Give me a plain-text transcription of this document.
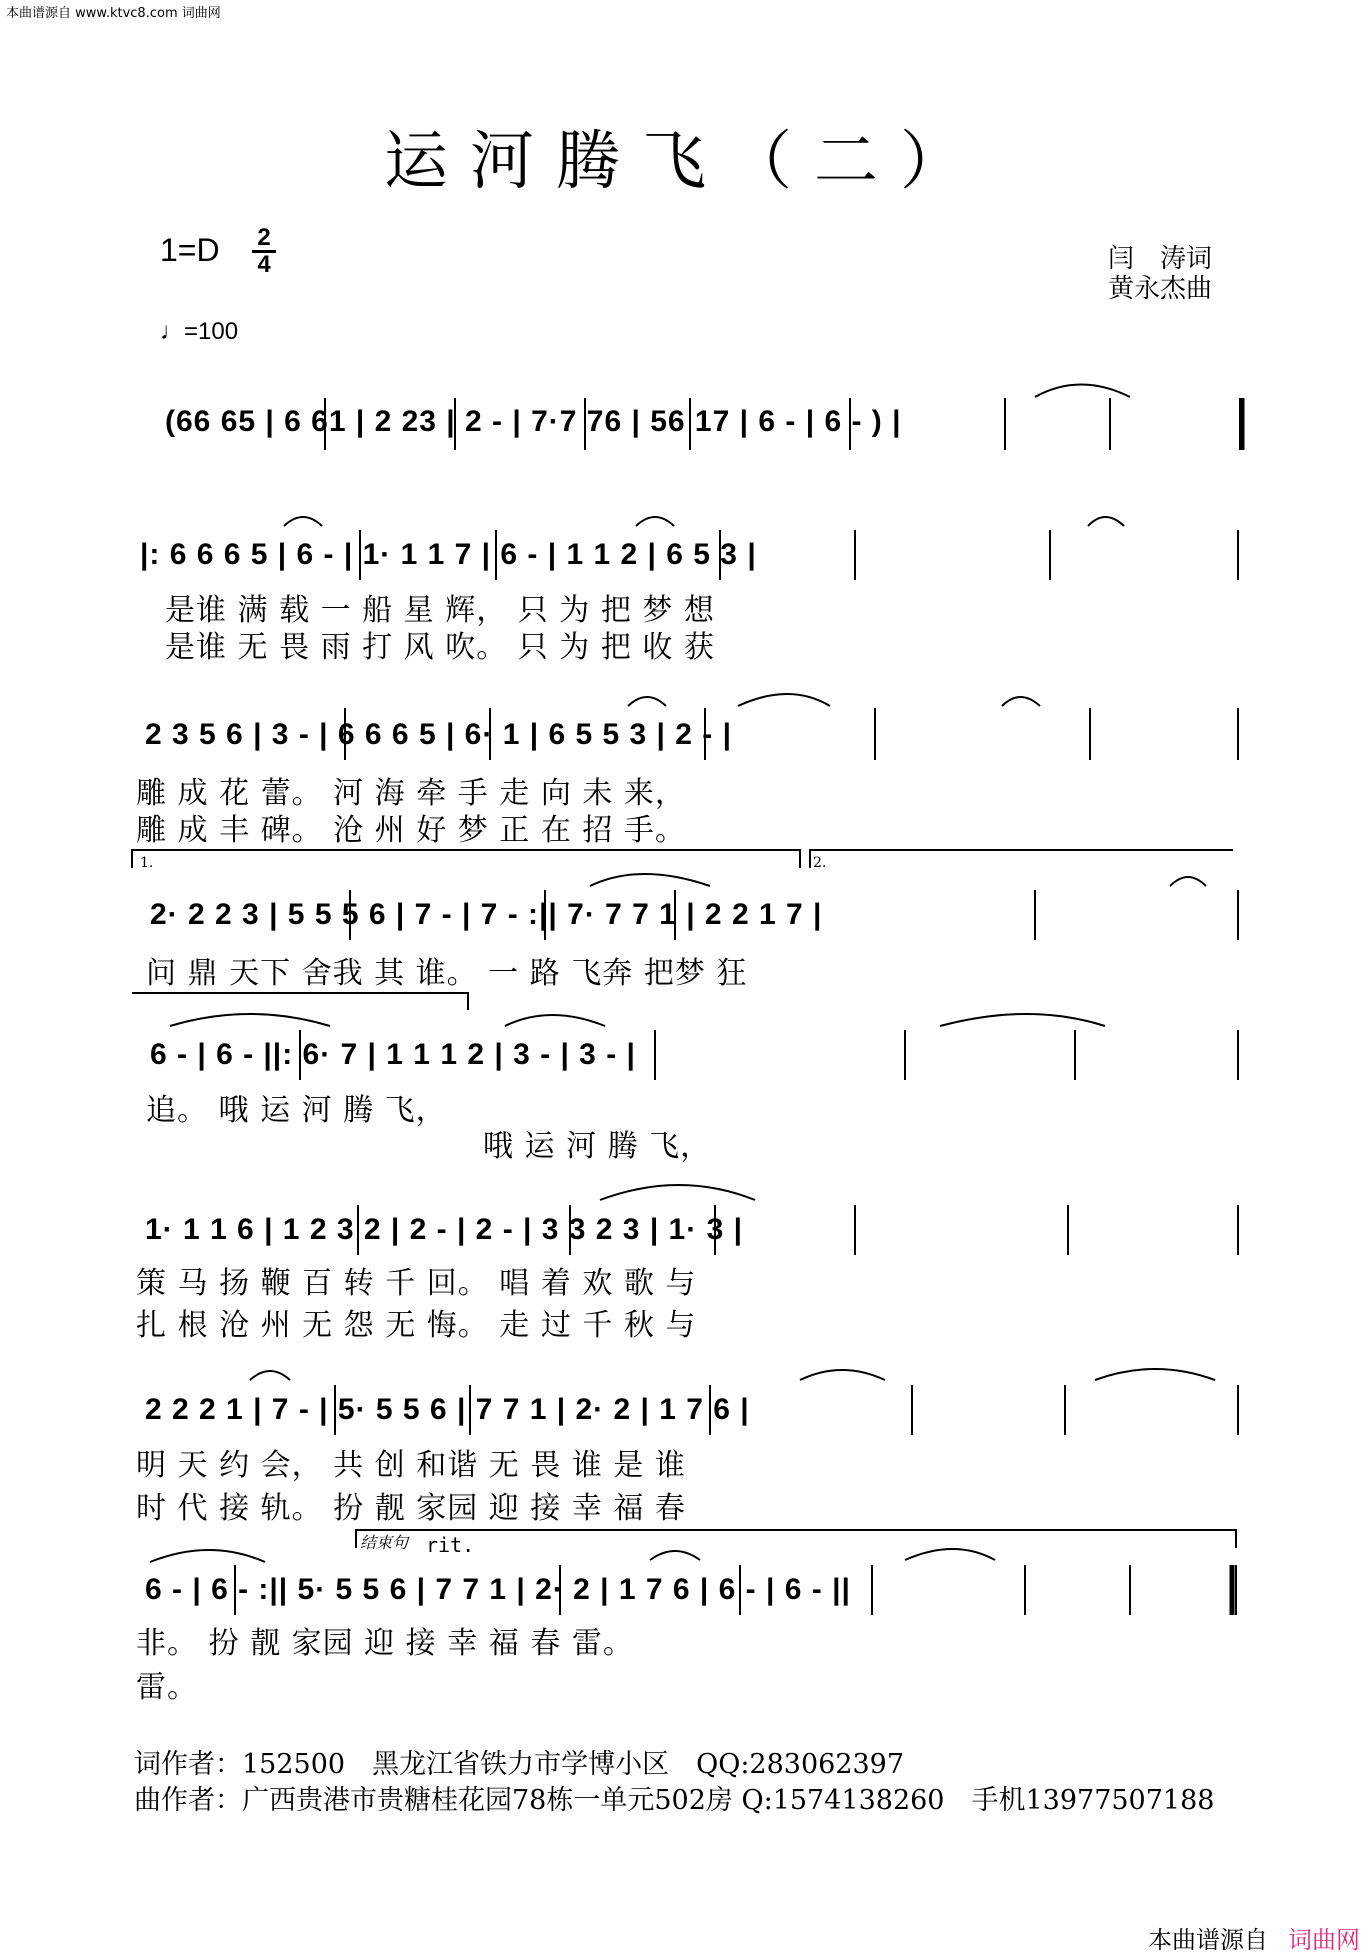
本曲谱源自 www.ktvc8.com 词曲网
运河腾飞（二）
1=D 2
4
♩=100
闫　涛词
黄永杰曲
(66 65 | 6 61 | 2 23 | 2 - | 7·7 76 | 56 17 | 6 - | 6 - ) |
|: 6 6 6 5 | 6 - | 1· 1 1 7 | 6 - | 1 1 2 | 6 5 3 |
是谁 满 载 一 船 星 辉， 只 为 把 梦 想
是谁 无 畏 雨 打 风 吹。 只 为 把 收 获
2 3 5 6 | 3 - | 6 6 6 5 | 6· 1 | 6 5 5 3 | 2 - |
雕 成 花 蕾。 河 海 牵 手 走 向 未 来，
雕 成 丰 碑。 沧 州 好 梦 正 在 招 手。
1.	2.
2· 2 2 3 | 5 5 5 6 | 7 - | 7 - :|| 7· 7 7 1 | 2 2 1 7 |
问 鼎 天下 舍我 其 谁。 一 路 飞奔 把梦 狂
6 - | 6 - ||: 6· 7 | 1 1 1 2 | 3 - | 3 - |
追。 哦 运 河 腾 飞，
哦 运 河 腾 飞，
1· 1 1 6 | 1 2 3 2 | 2 - | 2 - | 3 3 2 3 | 1· 3 |
策 马 扬 鞭 百 转 千 回。 唱 着 欢 歌 与
扎 根 沧 州 无 怨 无 悔。 走 过 千 秋 与
2 2 2 1 | 7 - | 5· 5 5 6 | 7 7 1 | 2· 2 | 1 7 6 |
明 天 约 会， 共 创 和谐 无 畏 谁 是 谁
时 代 接 轨。 扮 靓 家园 迎 接 幸 福 春
结束句 rit.
6 - | 6 - :|| 5· 5 5 6 | 7 7 1 | 2· 2 | 1 7 6 | 6 - | 6 - ||
非。 扮 靓 家园 迎 接 幸 福 春 雷。
雷。
词作者：152500　黑龙江省铁力市学博小区　QQ:283062397
曲作者：广西贵港市贵糖桂花园78栋一单元502房 Q:1574138260　手机13977507188
本曲谱源自 词曲网
